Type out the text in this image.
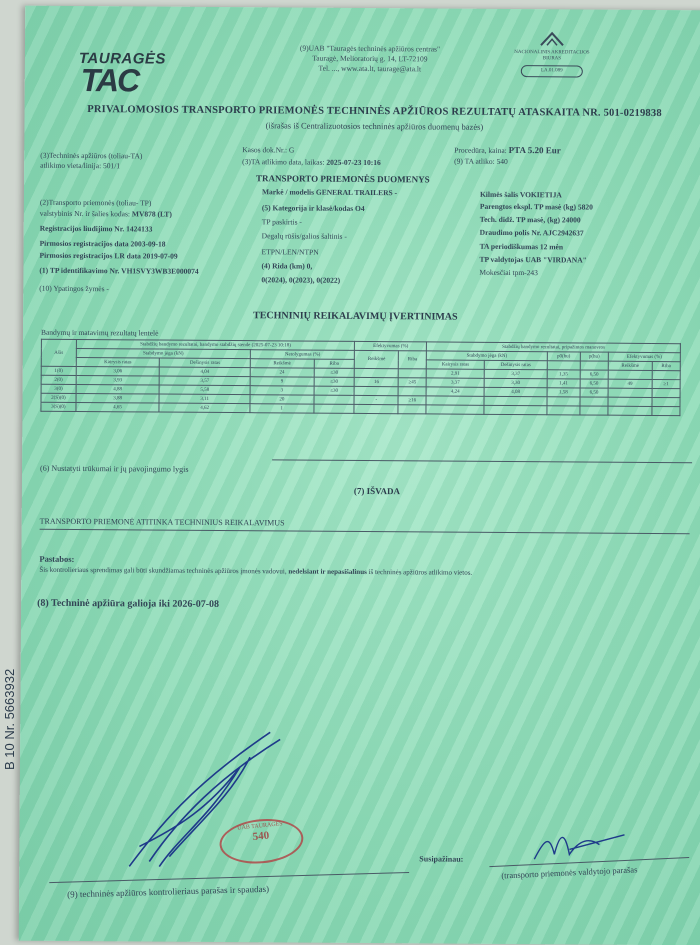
TAURAGĖS
TAC
(9)UAB "Tauragės techninės apžiūros centras"
Tauragė, Melioratorių g. 14, LT-72109
Tel. ..., www.ata.lt, taurage@ata.lt
NACIONALINIS AKREDITACIJOS BIURAS
LA.01.089
PRIVALOMOSIOS TRANSPORTO PRIEMONĖS TECHNINĖS APŽIŪROS REZULTATŲ ATASKAITA NR. 501-0219838
(išrašas iš Centralizuotosios techninės apžiūros duomenų bazės)
(3)Techninės apžiūros (toliau-TA)
atlikimo vieta/linija: 501/1
Kasos dok.Nr.: G
(3)TA atlikimo data, laikas: 2025-07-23 10:16
Procedūra, kaina: PTA 5.20 Eur
(9) TA atliko: 540
TRANSPORTO PRIEMONĖS DUOMENYS
(2)Transporto priemonės (toliau- TP)
valstybinis Nr. ir šalies kodas: MV878 (LT)
Registracijos liudijimo Nr. 1424133
Pirmosios registracijos data 2003-09-18
Pirmosios registracijos LR data 2019-07-09
(1) TP identifikavimo Nr. VH1SVY3WB3E000074
(10) Ypatingos žymės -
Markė / modelis GENERAL TRAILERS -
(5) Kategorija ir klasė/kodas O4
TP paskirtis -
Degalų rūšis/galios šaltinis -
ETPN/LEN/NTPN
(4) Rida (km) 0,
0(2024), 0(2023), 0(2022)
Kilmės šalis VOKIETIJA
Parengtos ekspl. TP masė (kg) 5820
Tech. didž. TP masė, (kg) 24000
Draudimo polis Nr. AJC2942637
TA periodiškumas 12 mėn
TP valdytojas UAB "VIRDANA"
Mokesčiai tpm-243
TECHNINIŲ REIKALAVIMŲ ĮVERTINIMAS
Bandymų ir matavimų rezultatų lentelė
Ašis	Stabdžių bandymo rezultatai, bandymo stabdžių stende (2025-07-23 10:18)				Efektyvumas (%)		Stabdžių bandymo rezultatai, pripažintos manovros					
	Stabdymo jėga (kN)		Netolygumas (%)		Reikšmė	Riba	Stabdymo jėga (kN)		p0(hu)	p(hu)	Efektyvumas (%)	
	Kairysis ratas	Dešinysis ratas	Reikšmė	Riba			Kairysis ratas	Dešinysis ratas			Reikšmė	Riba
1(0)	3,06	4,04	24	≤30			2,91	3,37	1,35	6,50		
2(0)	3,93	3,57	9	≤30	16	≥45	3,37	3,30	1,41	6,50	49	≥1
3(0)	4,88	5,58	3	≤30			4,24	4,08	1,58	6,50		
2(S)(0)	3,88	3,11	20		-	≥16						
3(S)(0)	4,65	4,62	1									
(6) Nustatyti trūkumai ir jų pavojingumo lygis
(7) IŠVADA
TRANSPORTO PRIEMONĖ ATITINKA TECHNINIUS REIKALAVIMUS
Pastabos:
Šis kontrolieriaus sprendimas gali būti skundžiamas techninės apžiūros įmonės vadovui, nedelsiant ir nepasišalinus iš techninės apžiūros atlikimo vietos.
(8) Techninė apžiūra galioja iki 2026-07-08
UAB TAURAGĖS
540
(9) techninės apžiūros kontrolieriaus parašas ir spaudas)
Susipažinau:
(transporto priemonės valdytojo parašas
B 10 Nr. 5663932
